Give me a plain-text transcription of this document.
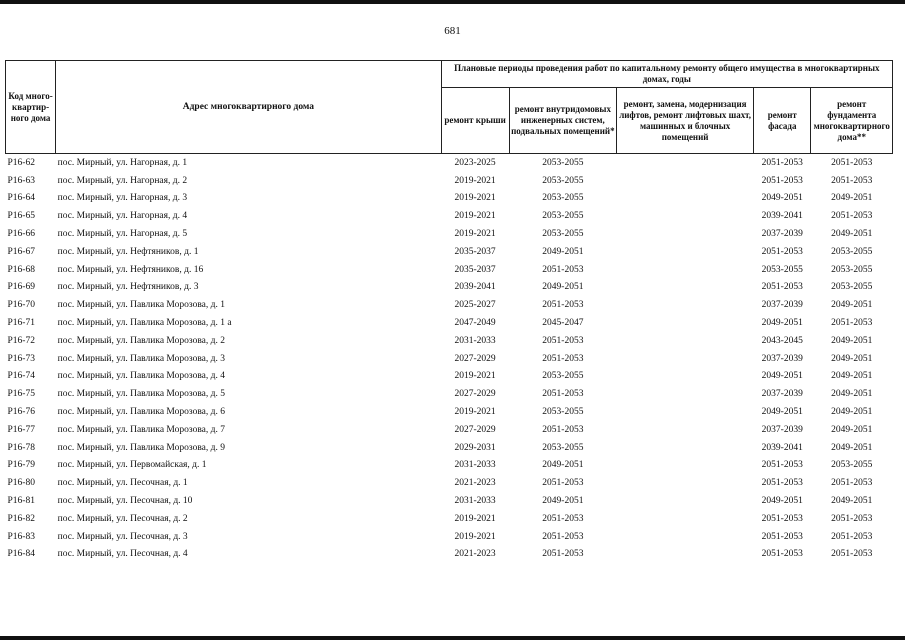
681
Код много- квартир- ного дома	Адрес многоквартирного дома	Плановые периоды проведения работ по капитальному ремонту общего имущества в многоквартирных домах, годы				
		ремонт крыши	ремонт внутридомовых инженерных систем, подвальных помещений*	ремонт, замена, модернизация лифтов, ремонт лифтовых шахт, машинных и блочных помещений	ремонт фасада	ремонт фундамента многоквартирного дома**
P16-62	пос. Мирный, ул. Нагорная, д. 1	2023-2025	2053-2055		2051-2053	2051-2053
P16-63	пос. Мирный, ул. Нагорная, д. 2	2019-2021	2053-2055		2051-2053	2051-2053
P16-64	пос. Мирный, ул. Нагорная, д. 3	2019-2021	2053-2055		2049-2051	2049-2051
P16-65	пос. Мирный, ул. Нагорная, д. 4	2019-2021	2053-2055		2039-2041	2051-2053
P16-66	пос. Мирный, ул. Нагорная, д. 5	2019-2021	2053-2055		2037-2039	2049-2051
P16-67	пос. Мирный, ул. Нефтяников, д. 1	2035-2037	2049-2051		2051-2053	2053-2055
P16-68	пос. Мирный, ул. Нефтяников, д. 16	2035-2037	2051-2053		2053-2055	2053-2055
P16-69	пос. Мирный, ул. Нефтяников, д. 3	2039-2041	2049-2051		2051-2053	2053-2055
P16-70	пос. Мирный, ул. Павлика Морозова, д. 1	2025-2027	2051-2053		2037-2039	2049-2051
P16-71	пос. Мирный, ул. Павлика Морозова, д. 1 а	2047-2049	2045-2047		2049-2051	2051-2053
P16-72	пос. Мирный, ул. Павлика Морозова, д. 2	2031-2033	2051-2053		2043-2045	2049-2051
P16-73	пос. Мирный, ул. Павлика Морозова, д. 3	2027-2029	2051-2053		2037-2039	2049-2051
P16-74	пос. Мирный, ул. Павлика Морозова, д. 4	2019-2021	2053-2055		2049-2051	2049-2051
P16-75	пос. Мирный, ул. Павлика Морозова, д. 5	2027-2029	2051-2053		2037-2039	2049-2051
P16-76	пос. Мирный, ул. Павлика Морозова, д. 6	2019-2021	2053-2055		2049-2051	2049-2051
P16-77	пос. Мирный, ул. Павлика Морозова, д. 7	2027-2029	2051-2053		2037-2039	2049-2051
P16-78	пос. Мирный, ул. Павлика Морозова, д. 9	2029-2031	2053-2055		2039-2041	2049-2051
P16-79	пос. Мирный, ул. Первомайская, д. 1	2031-2033	2049-2051		2051-2053	2053-2055
P16-80	пос. Мирный, ул. Песочная, д. 1	2021-2023	2051-2053		2051-2053	2051-2053
P16-81	пос. Мирный, ул. Песочная, д. 10	2031-2033	2049-2051		2049-2051	2049-2051
P16-82	пос. Мирный, ул. Песочная, д. 2	2019-2021	2051-2053		2051-2053	2051-2053
P16-83	пос. Мирный, ул. Песочная, д. 3	2019-2021	2051-2053		2051-2053	2051-2053
P16-84	пос. Мирный, ул. Песочная, д. 4	2021-2023	2051-2053		2051-2053	2051-2053
